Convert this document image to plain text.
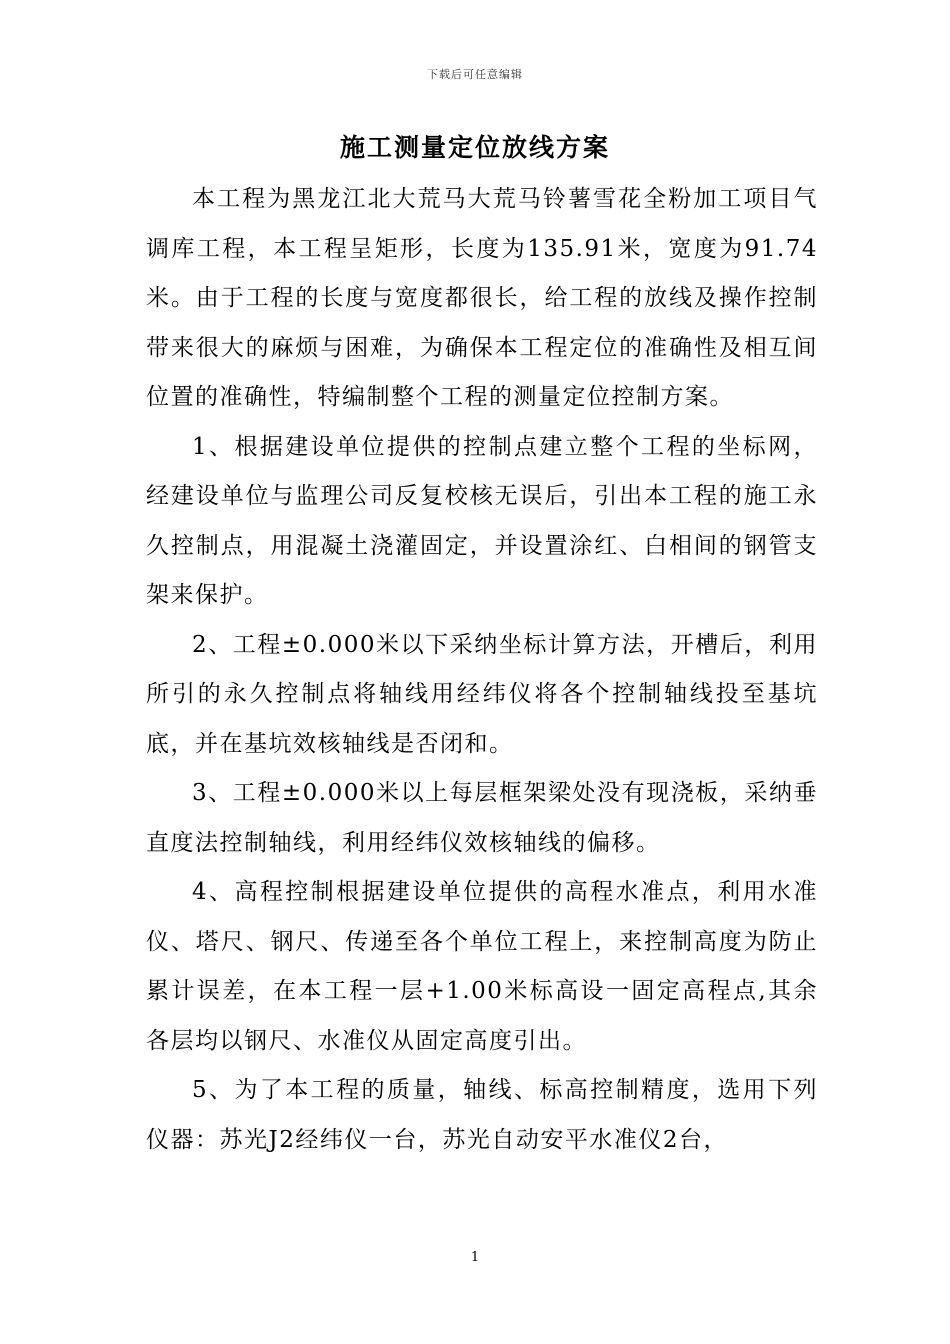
下载后可任意编辑
施工测量定位放线方案

本工程为黑龙江北大荒马大荒马铃薯雪花全粉加工项目气调库工程，本工程呈矩形，长度为135.91米，宽度为91.74米。由于工程的长度与宽度都很长，给工程的放线及操作控制带来很大的麻烦与困难，为确保本工程定位的准确性及相互间位置的准确性，特编制整个工程的测量定位控制方案。

1、根据建设单位提供的控制点建立整个工程的坐标网，经建设单位与监理公司反复校核无误后，引出本工程的施工永久控制点，用混凝土浇灌固定，并设置涂红、白相间的钢管支架来保护。

2、工程±0.000米以下采纳坐标计算方法，开槽后，利用所引的永久控制点将轴线用经纬仪将各个控制轴线投至基坑底，并在基坑效核轴线是否闭和。

3、工程±0.000米以上每层框架梁处没有现浇板，采纳垂直度法控制轴线，利用经纬仪效核轴线的偏移。

4、高程控制根据建设单位提供的高程水准点，利用水准仪、塔尺、钢尺、传递至各个单位工程上，来控制高度为防止累计误差，在本工程一层+1.00米标高设一固定高程点,其余各层均以钢尺、水准仪从固定高度引出。

5、为了本工程的质量，轴线、标高控制精度，选用下列仪器：苏光J2经纬仪一台，苏光自动安平水准仪2台，

1
